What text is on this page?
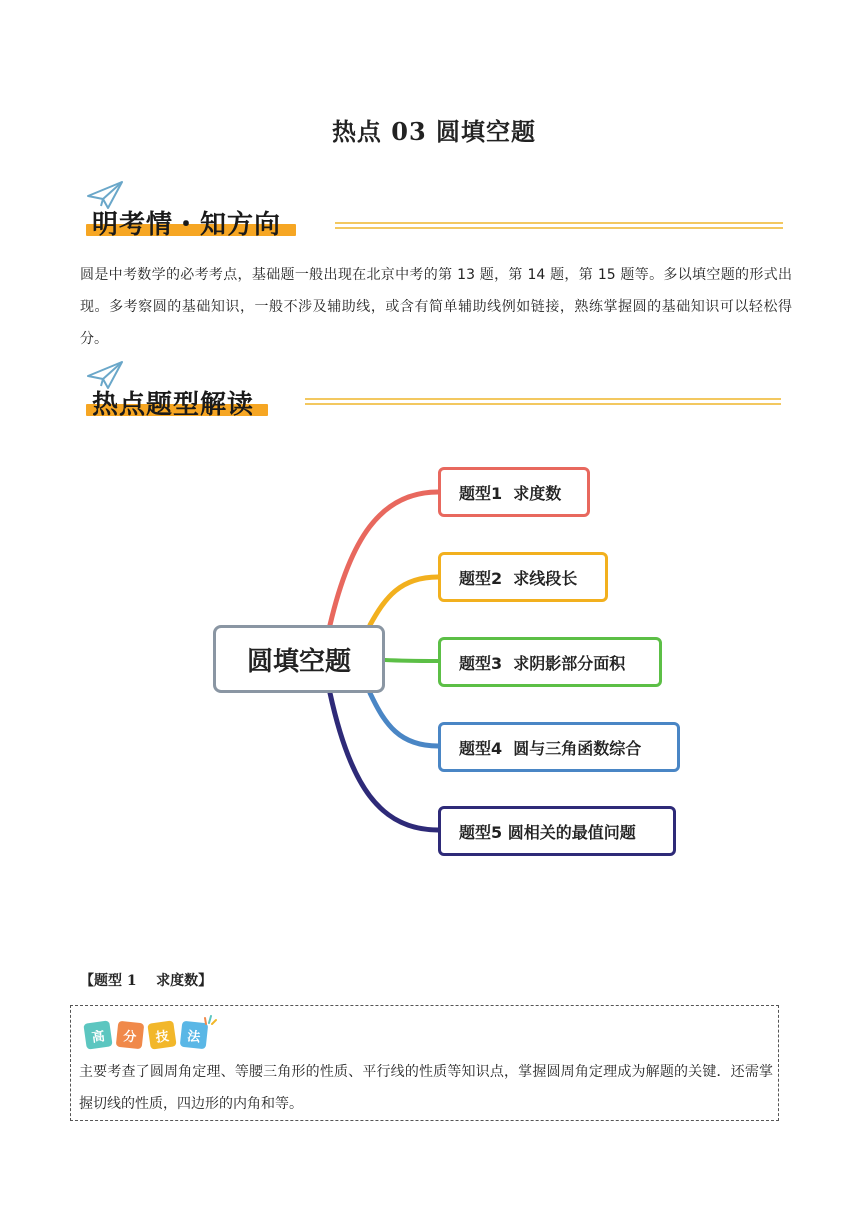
热点 03 圆填空题
明考情・知方向
圆是中考数学的必考考点，基础题一般出现在北京中考的第 13 题，第 14 题，第 15 题等。多以填空题的形式出现。多考察圆的基础知识，一般不涉及辅助线，或含有简单辅助线例如链接，熟练掌握圆的基础知识可以轻松得分。
热点题型解读
圆填空题
题型1  求度数
题型2  求线段长
题型3  求阴影部分面积
题型4  圆与三角函数综合
题型5 圆相关的最值问题
【题型 1    求度数】
高	分	技	法
主要考查了圆周角定理、等腰三角形的性质、平行线的性质等知识点，掌握圆周角定理成为解题的关键．还需掌握切线的性质，四边形的内角和等。
